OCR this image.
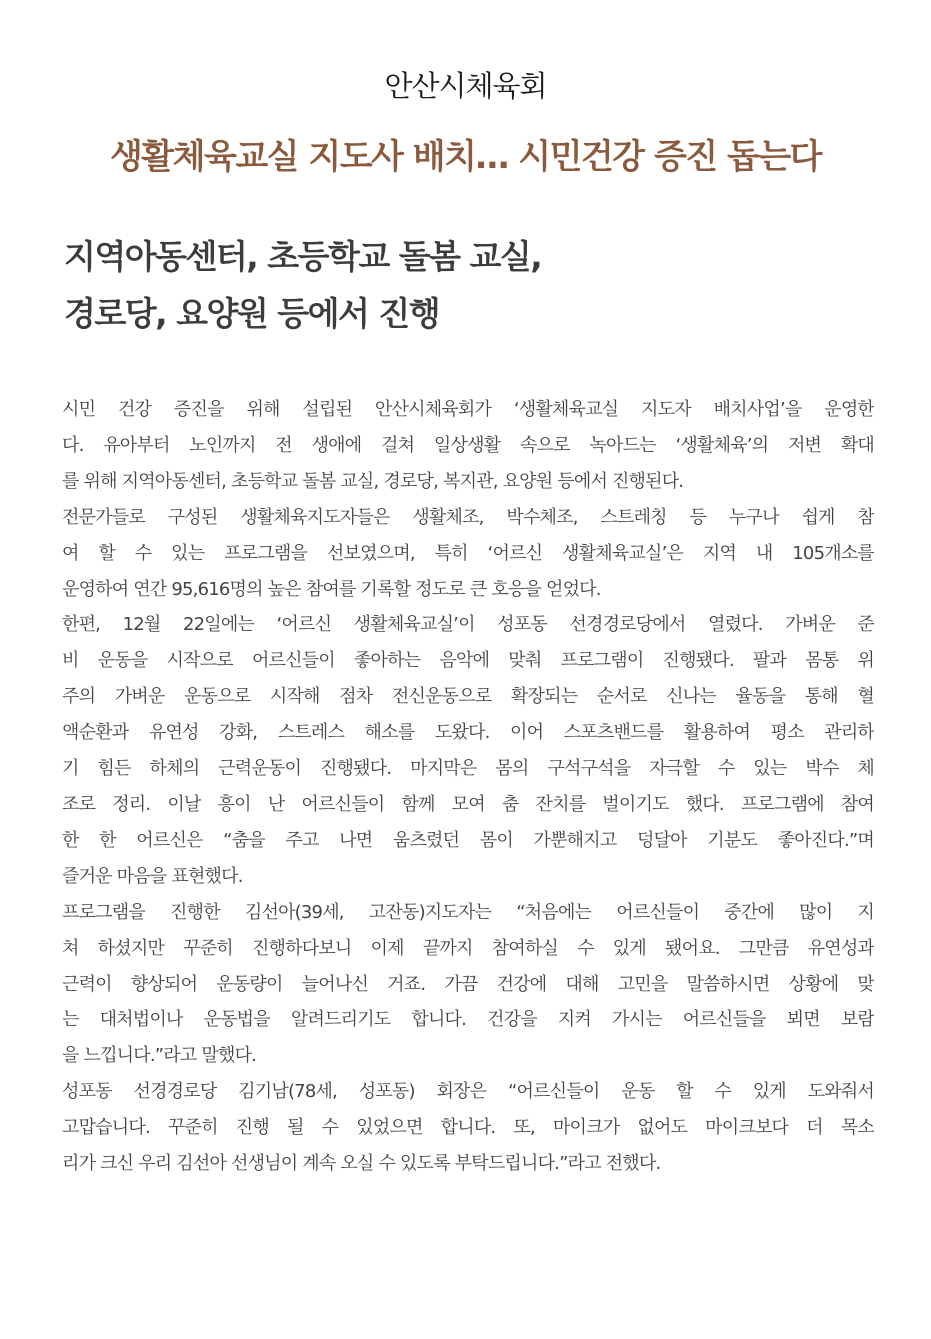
안산시체육회
생활체육교실 지도사 배치… 시민건강 증진 돕는다
지역아동센터, 초등학교 돌봄 교실,
경로당, 요양원 등에서 진행
시민 건강 증진을 위해 설립된 안산시체육회가 ‘생활체육교실 지도자 배치사업’을 운영한
다. 유아부터 노인까지 전 생애에 걸쳐 일상생활 속으로 녹아드는 ‘생활체육’의 저변 확대
를 위해 지역아동센터, 초등학교 돌봄 교실, 경로당, 복지관, 요양원 등에서 진행된다.
전문가들로 구성된 생활체육지도자들은 생활체조, 박수체조, 스트레칭 등 누구나 쉽게 참
여 할 수 있는 프로그램을 선보였으며, 특히 ‘어르신 생활체육교실’은 지역 내 105개소를
운영하여 연간 95,616명의 높은 참여를 기록할 정도로 큰 호응을 얻었다.
한편, 12월 22일에는 ‘어르신 생활체육교실’이 성포동 선경경로당에서 열렸다. 가벼운 준
비 운동을 시작으로 어르신들이 좋아하는 음악에 맞춰 프로그램이 진행됐다. 팔과 몸통 위
주의 가벼운 운동으로 시작해 점차 전신운동으로 확장되는 순서로 신나는 율동을 통해 혈
액순환과 유연성 강화, 스트레스 해소를 도왔다. 이어 스포츠밴드를 활용하여 평소 관리하
기 힘든 하체의 근력운동이 진행됐다. 마지막은 몸의 구석구석을 자극할 수 있는 박수 체
조로 정리. 이날 흥이 난 어르신들이 함께 모여 춤 잔치를 벌이기도 했다. 프로그램에 참여
한 한 어르신은 “춤을 주고 나면 움츠렸던 몸이 가뿐해지고 덩달아 기분도 좋아진다.”며
즐거운 마음을 표현했다.
프로그램을 진행한 김선아(39세, 고잔동)지도자는 “처음에는 어르신들이 중간에 많이 지
쳐 하셨지만 꾸준히 진행하다보니 이제 끝까지 참여하실 수 있게 됐어요. 그만큼 유연성과
근력이 향상되어 운동량이 늘어나신 거죠. 가끔 건강에 대해 고민을 말씀하시면 상황에 맞
는 대처법이나 운동법을 알려드리기도 합니다. 건강을 지켜 가시는 어르신들을 뵈면 보람
을 느낍니다.”라고 말했다.
성포동 선경경로당 김기남(78세, 성포동) 회장은 “어르신들이 운동 할 수 있게 도와줘서
고맙습니다. 꾸준히 진행 될 수 있었으면 합니다. 또, 마이크가 없어도 마이크보다 더 목소
리가 크신 우리 김선아 선생님이 계속 오실 수 있도록 부탁드립니다.”라고 전했다.
